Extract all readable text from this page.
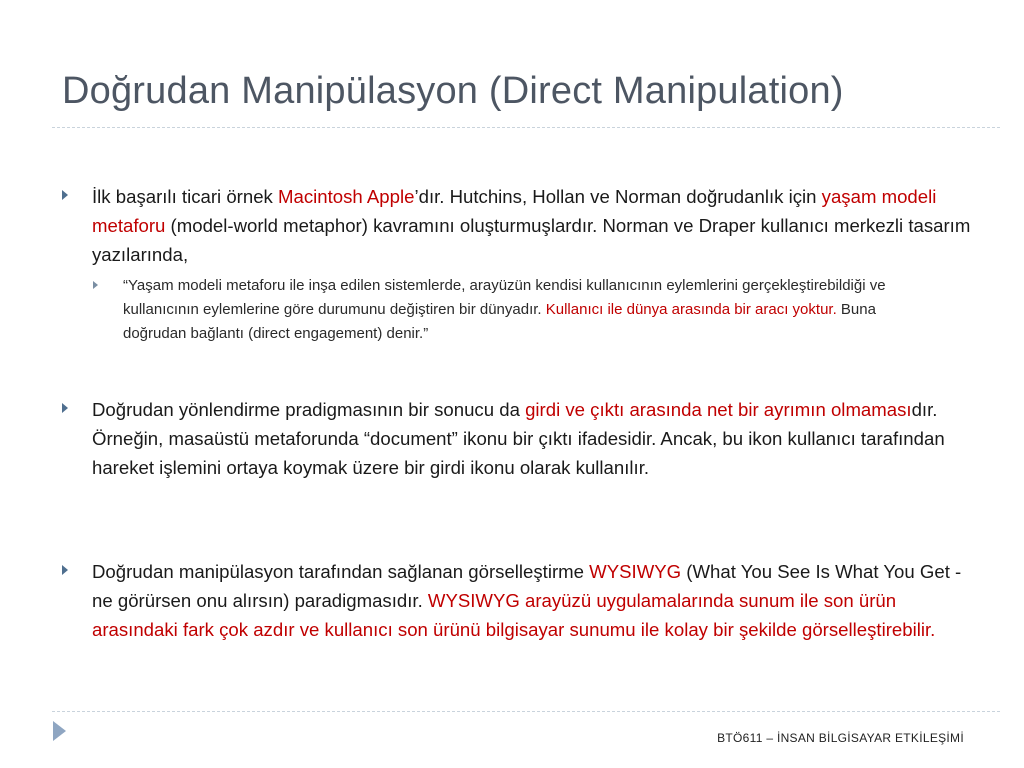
Doğrudan Manipülasyon (Direct Manipulation)
İlk başarılı ticari örnek Macintosh Apple’dır. Hutchins, Hollan ve Norman doğrudanlık için yaşam modeli metaforu (model-world metaphor) kavramını oluşturmuşlardır. Norman ve Draper kullanıcı merkezli tasarım yazılarında,
“Yaşam modeli metaforu ile inşa edilen sistemlerde, arayüzün kendisi kullanıcının eylemlerini gerçekleştirebildiği ve kullanıcının eylemlerine göre durumunu değiştiren bir dünyadır. Kullanıcı ile dünya arasında bir aracı yoktur. Buna doğrudan bağlantı (direct engagement) denir.”
Doğrudan yönlendirme pradigmasının bir sonucu da girdi ve çıktı arasında net bir ayrımın olmamasıdır. Örneğin, masaüstü metaforunda “document” ikonu bir çıktı ifadesidir. Ancak, bu ikon kullanıcı tarafından hareket işlemini ortaya koymak üzere bir girdi ikonu olarak kullanılır.
Doğrudan manipülasyon tarafından sağlanan görselleştirme WYSIWYG (What You See Is What You Get - ne görürsen onu alırsın) paradigmasıdır. WYSIWYG arayüzü uygulamalarında sunum ile son ürün arasındaki fark çok azdır ve kullanıcı son ürünü bilgisayar sunumu ile kolay bir şekilde görselleştirebilir.
BTÖ611 – İNSAN BİLGİSAYAR ETKİLEŞİMİ
